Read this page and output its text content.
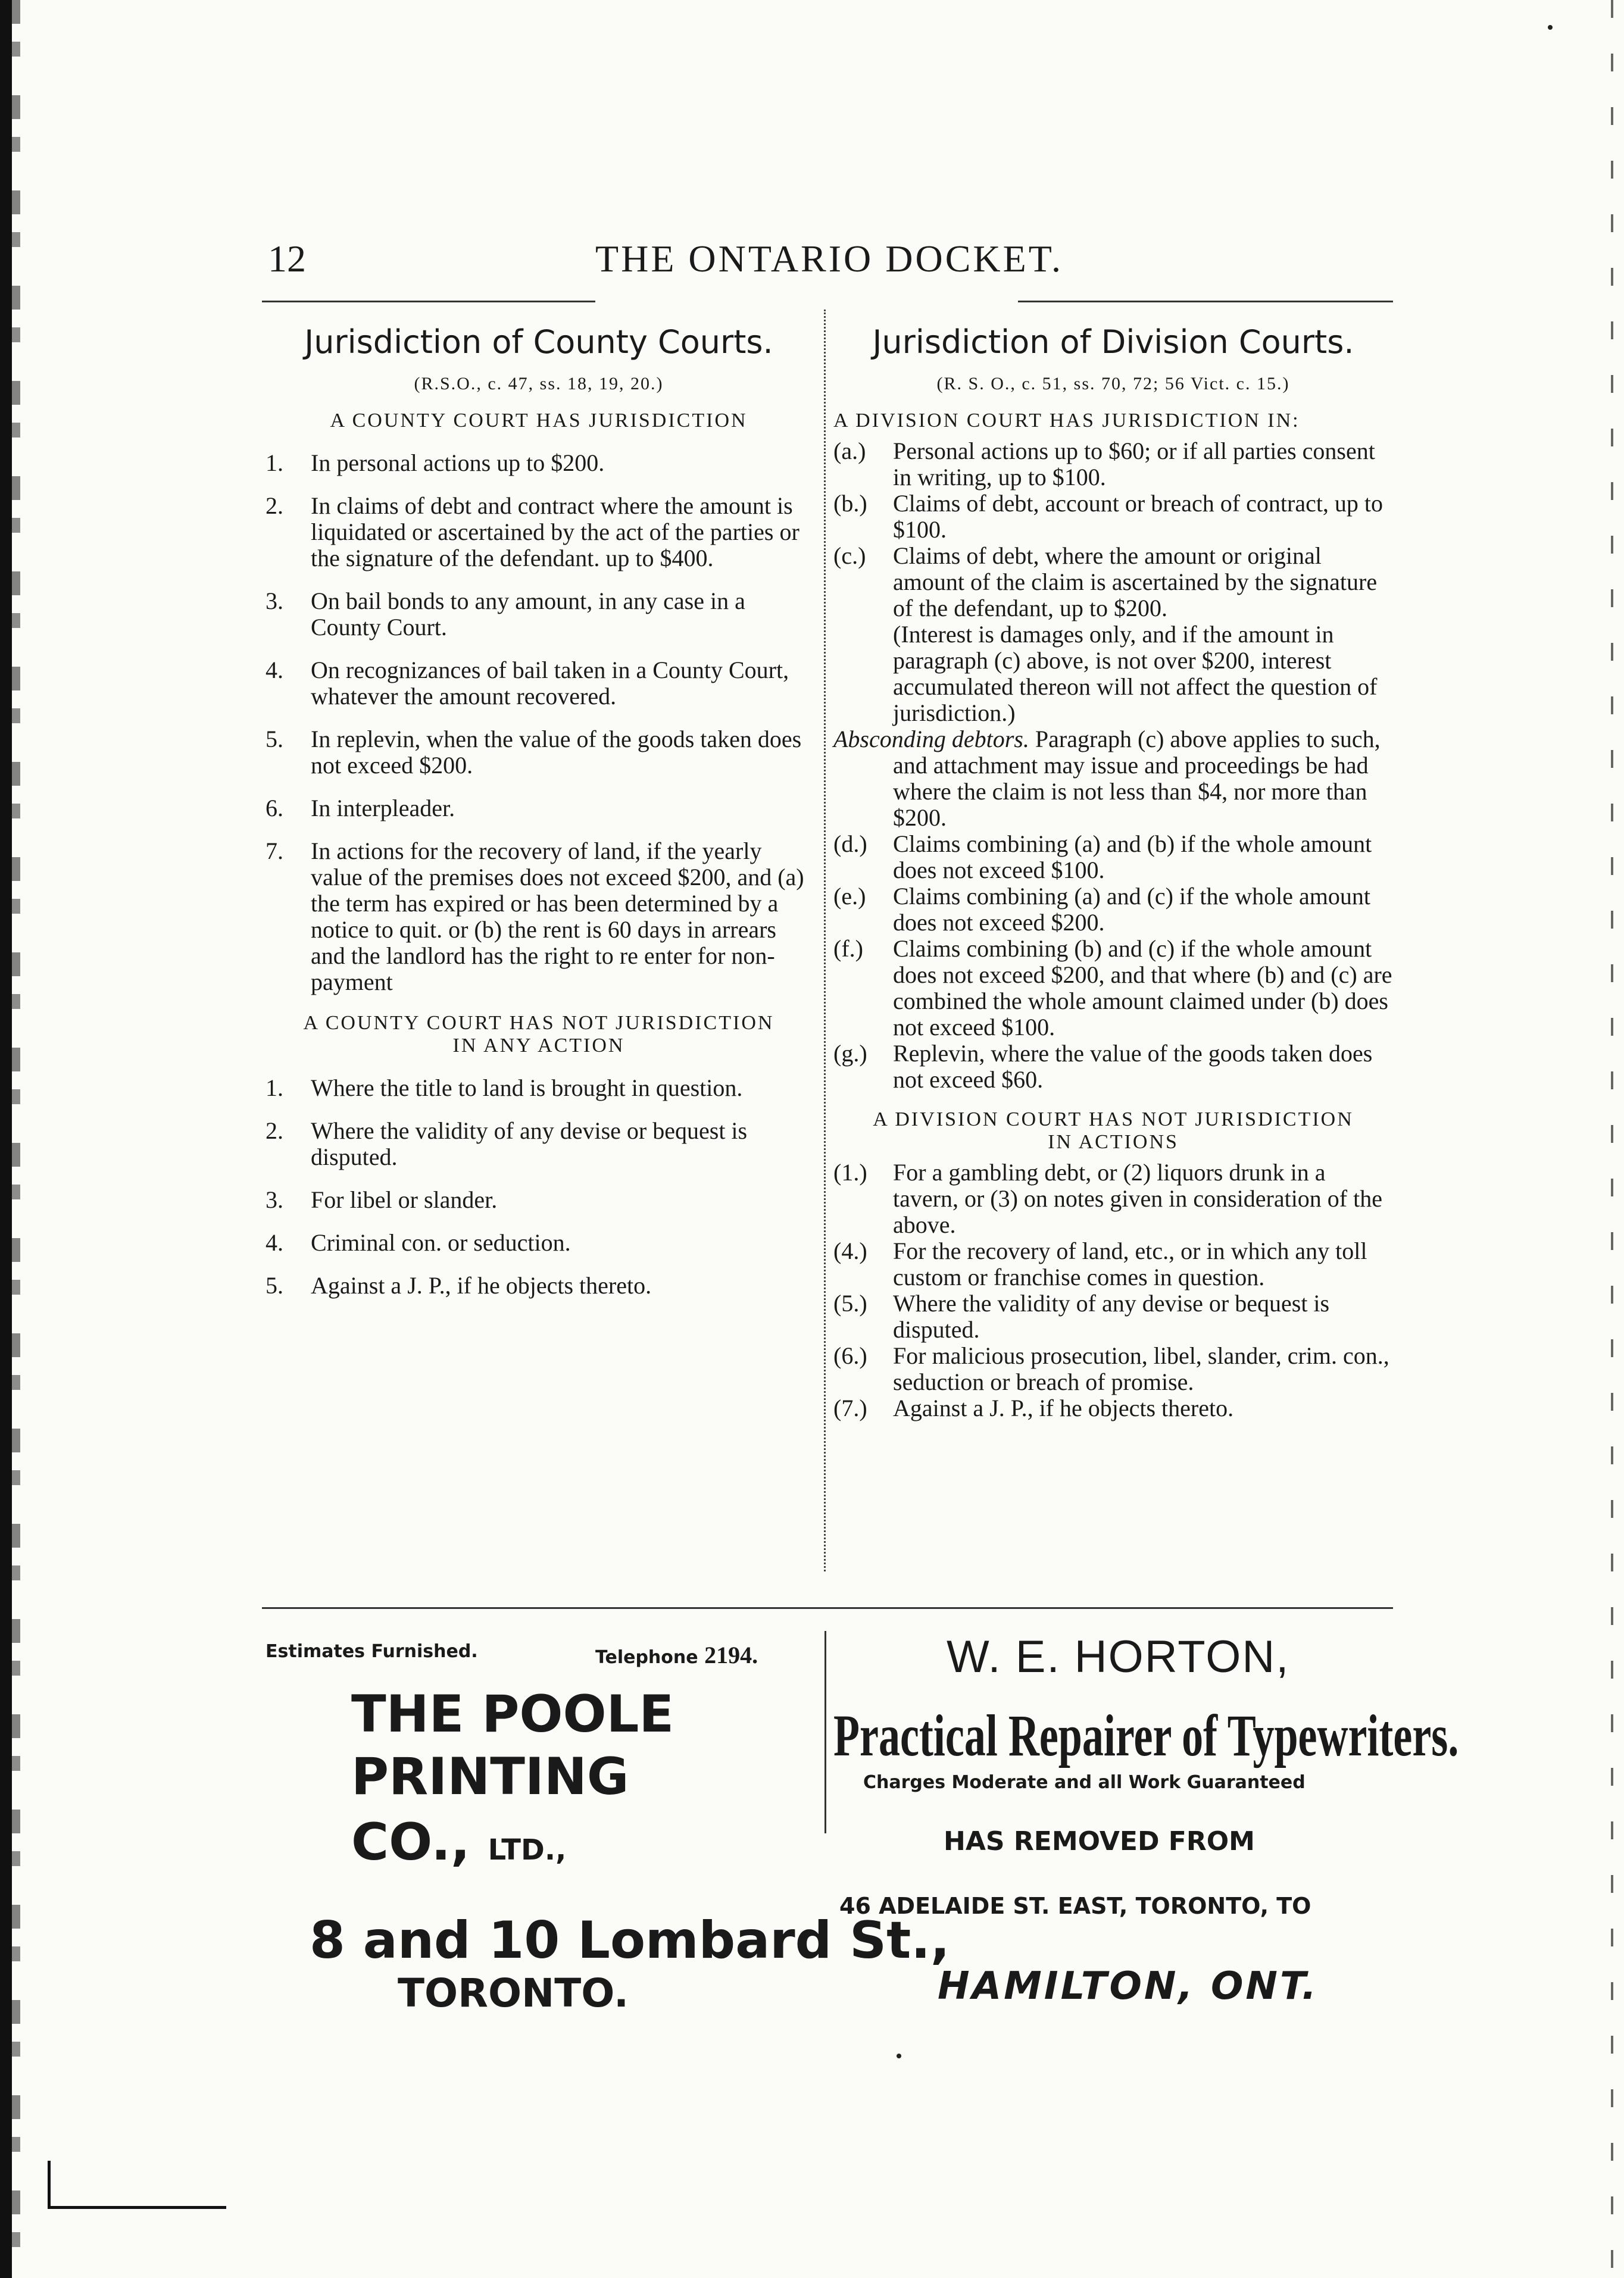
12	THE ONTARIO DOCKET.
Jurisdiction of County Courts.
(R.S.O., c. 47, ss. 18, 19, 20.)
A COUNTY COURT HAS JURISDICTION
1. In personal actions up to $200.
2. In claims of debt and contract where the amount is liquidated or ascertained by the act of the parties or the signature of the defendant. up to $400.
3. On bail bonds to any amount, in any case in a County Court.
4. On recognizances of bail taken in a County Court, whatever the amount recovered.
5. In replevin, when the value of the goods taken does not exceed $200.
6. In interpleader.
7. In actions for the recovery of land, if the yearly value of the premises does not exceed $200, and (a) the term has expired or has been determined by a notice to quit. or (b) the rent is 60 days in arrears and the landlord has the right to re enter for non-payment
A COUNTY COURT HAS NOT JURISDICTION
IN ANY ACTION
1. Where the title to land is brought in question.
2. Where the validity of any devise or bequest is disputed.
3. For libel or slander.
4. Criminal con. or seduction.
5. Against a J. P., if he objects thereto.
Jurisdiction of Division Courts.
(R. S. O., c. 51, ss. 70, 72; 56 Vict. c. 15.)
A DIVISION COURT HAS JURISDICTION IN:
(a.) Personal actions up to $60; or if all parties consent in writing, up to $100.
(b.) Claims of debt, account or breach of contract, up to $100.
(c.) Claims of debt, where the amount or original amount of the claim is ascertained by the signature of the defendant, up to $200.
(Interest is damages only, and if the amount in paragraph (c) above, is not over $200, interest accumulated thereon will not affect the question of jurisdiction.)
Absconding debtors. Paragraph (c) above applies to such, and attachment may issue and proceedings be had where the claim is not less than $4, nor more than $200.
(d.) Claims combining (a) and (b) if the whole amount does not exceed $100.
(e.) Claims combining (a) and (c) if the whole amount does not exceed $200.
(f.) Claims combining (b) and (c) if the whole amount does not exceed $200, and that where (b) and (c) are combined the whole amount claimed under (b) does not exceed $100.
(g.) Replevin, where the value of the goods taken does not exceed $60.
A DIVISION COURT HAS NOT JURISDICTION
IN ACTIONS
(1.) For a gambling debt, or (2) liquors drunk in a tavern, or (3) on notes given in consideration of the above.
(4.) For the recovery of land, etc., or in which any toll custom or franchise comes in question.
(5.) Where the validity of any devise or bequest is disputed.
(6.) For malicious prosecution, libel, slander, crim. con., seduction or breach of promise.
(7.) Against a J. P., if he objects thereto.
Estimates Furnished.	Telephone 2194.
THE POOLE
PRINTING
CO., LTD.,
8 and 10 Lombard St.,
TORONTO.
W. E. HORTON,
Practical Repairer of Typewriters.
Charges Moderate and all Work Guaranteed
HAS REMOVED FROM
46 ADELAIDE ST. EAST, TORONTO, TO
HAMILTON, ONT.
